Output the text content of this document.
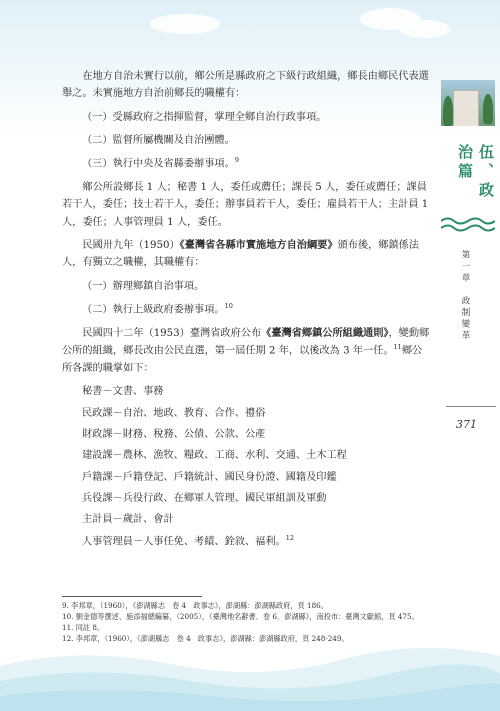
在地方自治未實行以前，鄉公所是縣政府之下級行政組織，鄉長由鄉民代表選舉之。未實施地方自治前鄉長的職權有：

（一）受縣政府之指揮監督，掌理全鄉自治行政事項。
（二）監督所屬機關及自治團體。
（三）執行中央及省縣委辦事項。$^9$

鄉公所設鄉長 1 人；秘書 1 人，委任或薦任；課長 5 人，委任或薦任；課員若干人，委任；技士若干人，委任；辦事員若干人，委任；雇員若干人；主計員 1 人，委任；人事管理員 1 人，委任。

民國卅九年（1950）《臺灣省各縣市實施地方自治綱要》頒布後，鄉鎮係法人，有獨立之職權，其職權有：

（一）辦理鄉鎮自治事項。
（二）執行上級政府委辦事項。$^{10}$

民國四十二年（1953）臺灣省政府公布《臺灣省鄉鎮公所組織通則》，變動鄉公所的組織，鄉長改由公民直選，第一屆任期 2 年，以後改為 3 年一任。$^{11}$鄉公所各課的職掌如下：

秘書－文書、事務
民政課－自治、地政、教育、合作、禮俗
財政課－財務、稅務、公債、公款、公產
建設課－農林、漁牧、糧政、工商、水利、交通、土木工程
戶籍課－戶籍登記、戶籍統計、國民身份證、國籍及印鑑
兵役課－兵役行政、在鄉軍人管理、國民軍組訓及軍動
主計員－歲計、會計
人事管理員－人事任免、考績、銓敘、福利。$^{12}$
伍、政治篇
第一章　政制變革
371
9. 李邦章，（1960），《澎湖縣志　卷 4　政事志》，澎湖縣：澎湖縣政府，頁 186。
10. 劉金德等撰述、施添福總編纂，（2005），《臺灣地名辭書．卷 6．澎湖縣》，南投市：臺灣文獻館，頁 475。
11. 同註 8。
12. 李邦章，（1960），《澎湖縣志　卷 4　政事志》，澎湖縣：澎湖縣政府，頁 248-249。
